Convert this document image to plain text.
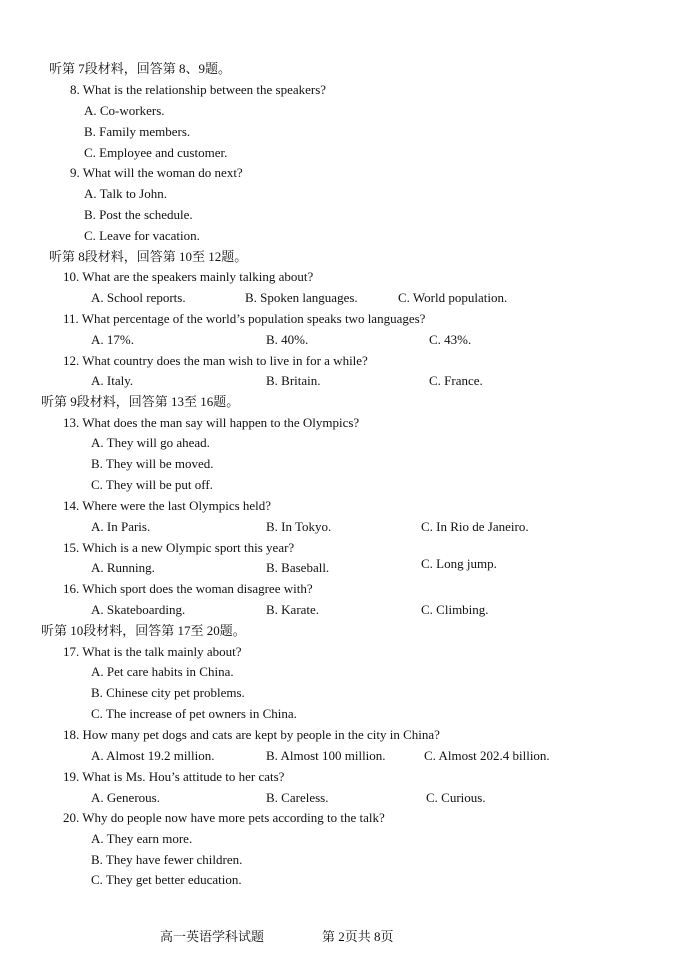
听第 7段材料，回答第 8、9题。
8. What is the relationship between the speakers?
A. Co-workers.
B. Family members.
C. Employee and customer.
9. What will the woman do next?
A. Talk to John.
B. Post the schedule.
C. Leave for vacation.
听第 8段材料，回答第 10至 12题。
10. What are the speakers mainly talking about?
A. School reports.	B. Spoken languages.	C. World population.
11. What percentage of the world’s population speaks two languages?
A. 17%.	B. 40%.	C. 43%.
12. What country does the man wish to live in for a while?
A. Italy.	B. Britain.	C. France.
听第 9段材料，回答第 13至 16题。
13. What does the man say will happen to the Olympics?
A. They will go ahead.
B. They will be moved.
C. They will be put off.
14. Where were the last Olympics held?
A. In Paris.	B. In Tokyo.	C. In Rio de Janeiro.
15. Which is a new Olympic sport this year?
A. Running.	B. Baseball.	C. Long jump.
16. Which sport does the woman disagree with?
A. Skateboarding.	B. Karate.	C. Climbing.
听第 10段材料，回答第 17至 20题。
17. What is the talk mainly about?
A. Pet care habits in China.
B. Chinese city pet problems.
C. The increase of pet owners in China.
18. How many pet dogs and cats are kept by people in the city in China?
A. Almost 19.2 million.	B. Almost 100 million.	C. Almost 202.4 billion.
19. What is Ms. Hou’s attitude to her cats?
A. Generous.	B. Careless.	C. Curious.
20. Why do people now have more pets according to the talk?
A. They earn more.
B. They have fewer children.
C. They get better education.
高一英语学科试题	第 2页共 8页
